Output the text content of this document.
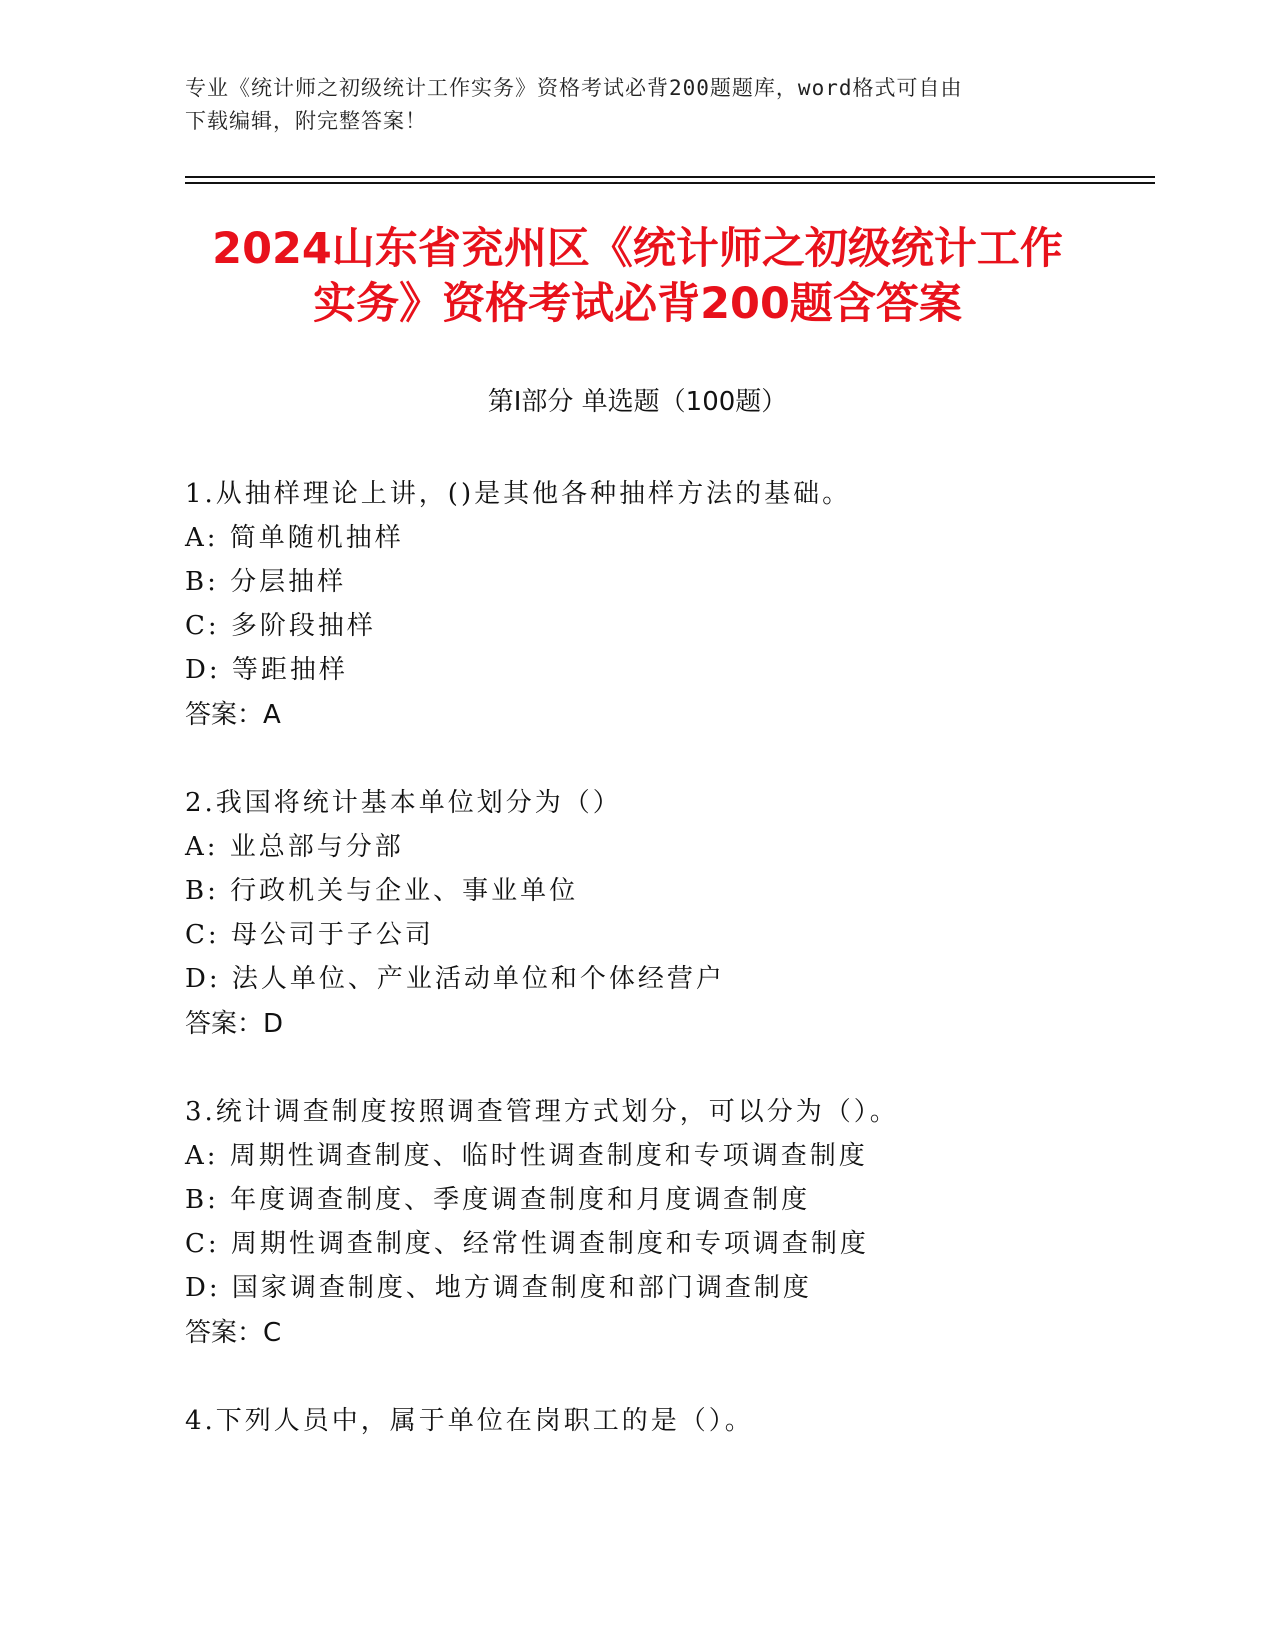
专业《统计师之初级统计工作实务》资格考试必背200题题库，word格式可自由
下载编辑，附完整答案！
2024山东省兖州区《统计师之初级统计工作
实务》资格考试必背200题含答案
第Ⅰ部分 单选题（100题）
1.从抽样理论上讲，()是其他各种抽样方法的基础。
A: 简单随机抽样
B: 分层抽样
C: 多阶段抽样
D: 等距抽样
答案：A
2.我国将统计基本单位划分为（）
A: 业总部与分部
B: 行政机关与企业、事业单位
C: 母公司于子公司
D: 法人单位、产业活动单位和个体经营户
答案：D
3.统计调查制度按照调查管理方式划分，可以分为（）。
A: 周期性调查制度、临时性调查制度和专项调查制度
B: 年度调查制度、季度调查制度和月度调查制度
C: 周期性调查制度、经常性调查制度和专项调查制度
D: 国家调查制度、地方调查制度和部门调查制度
答案：C
4.下列人员中，属于单位在岗职工的是（）。
